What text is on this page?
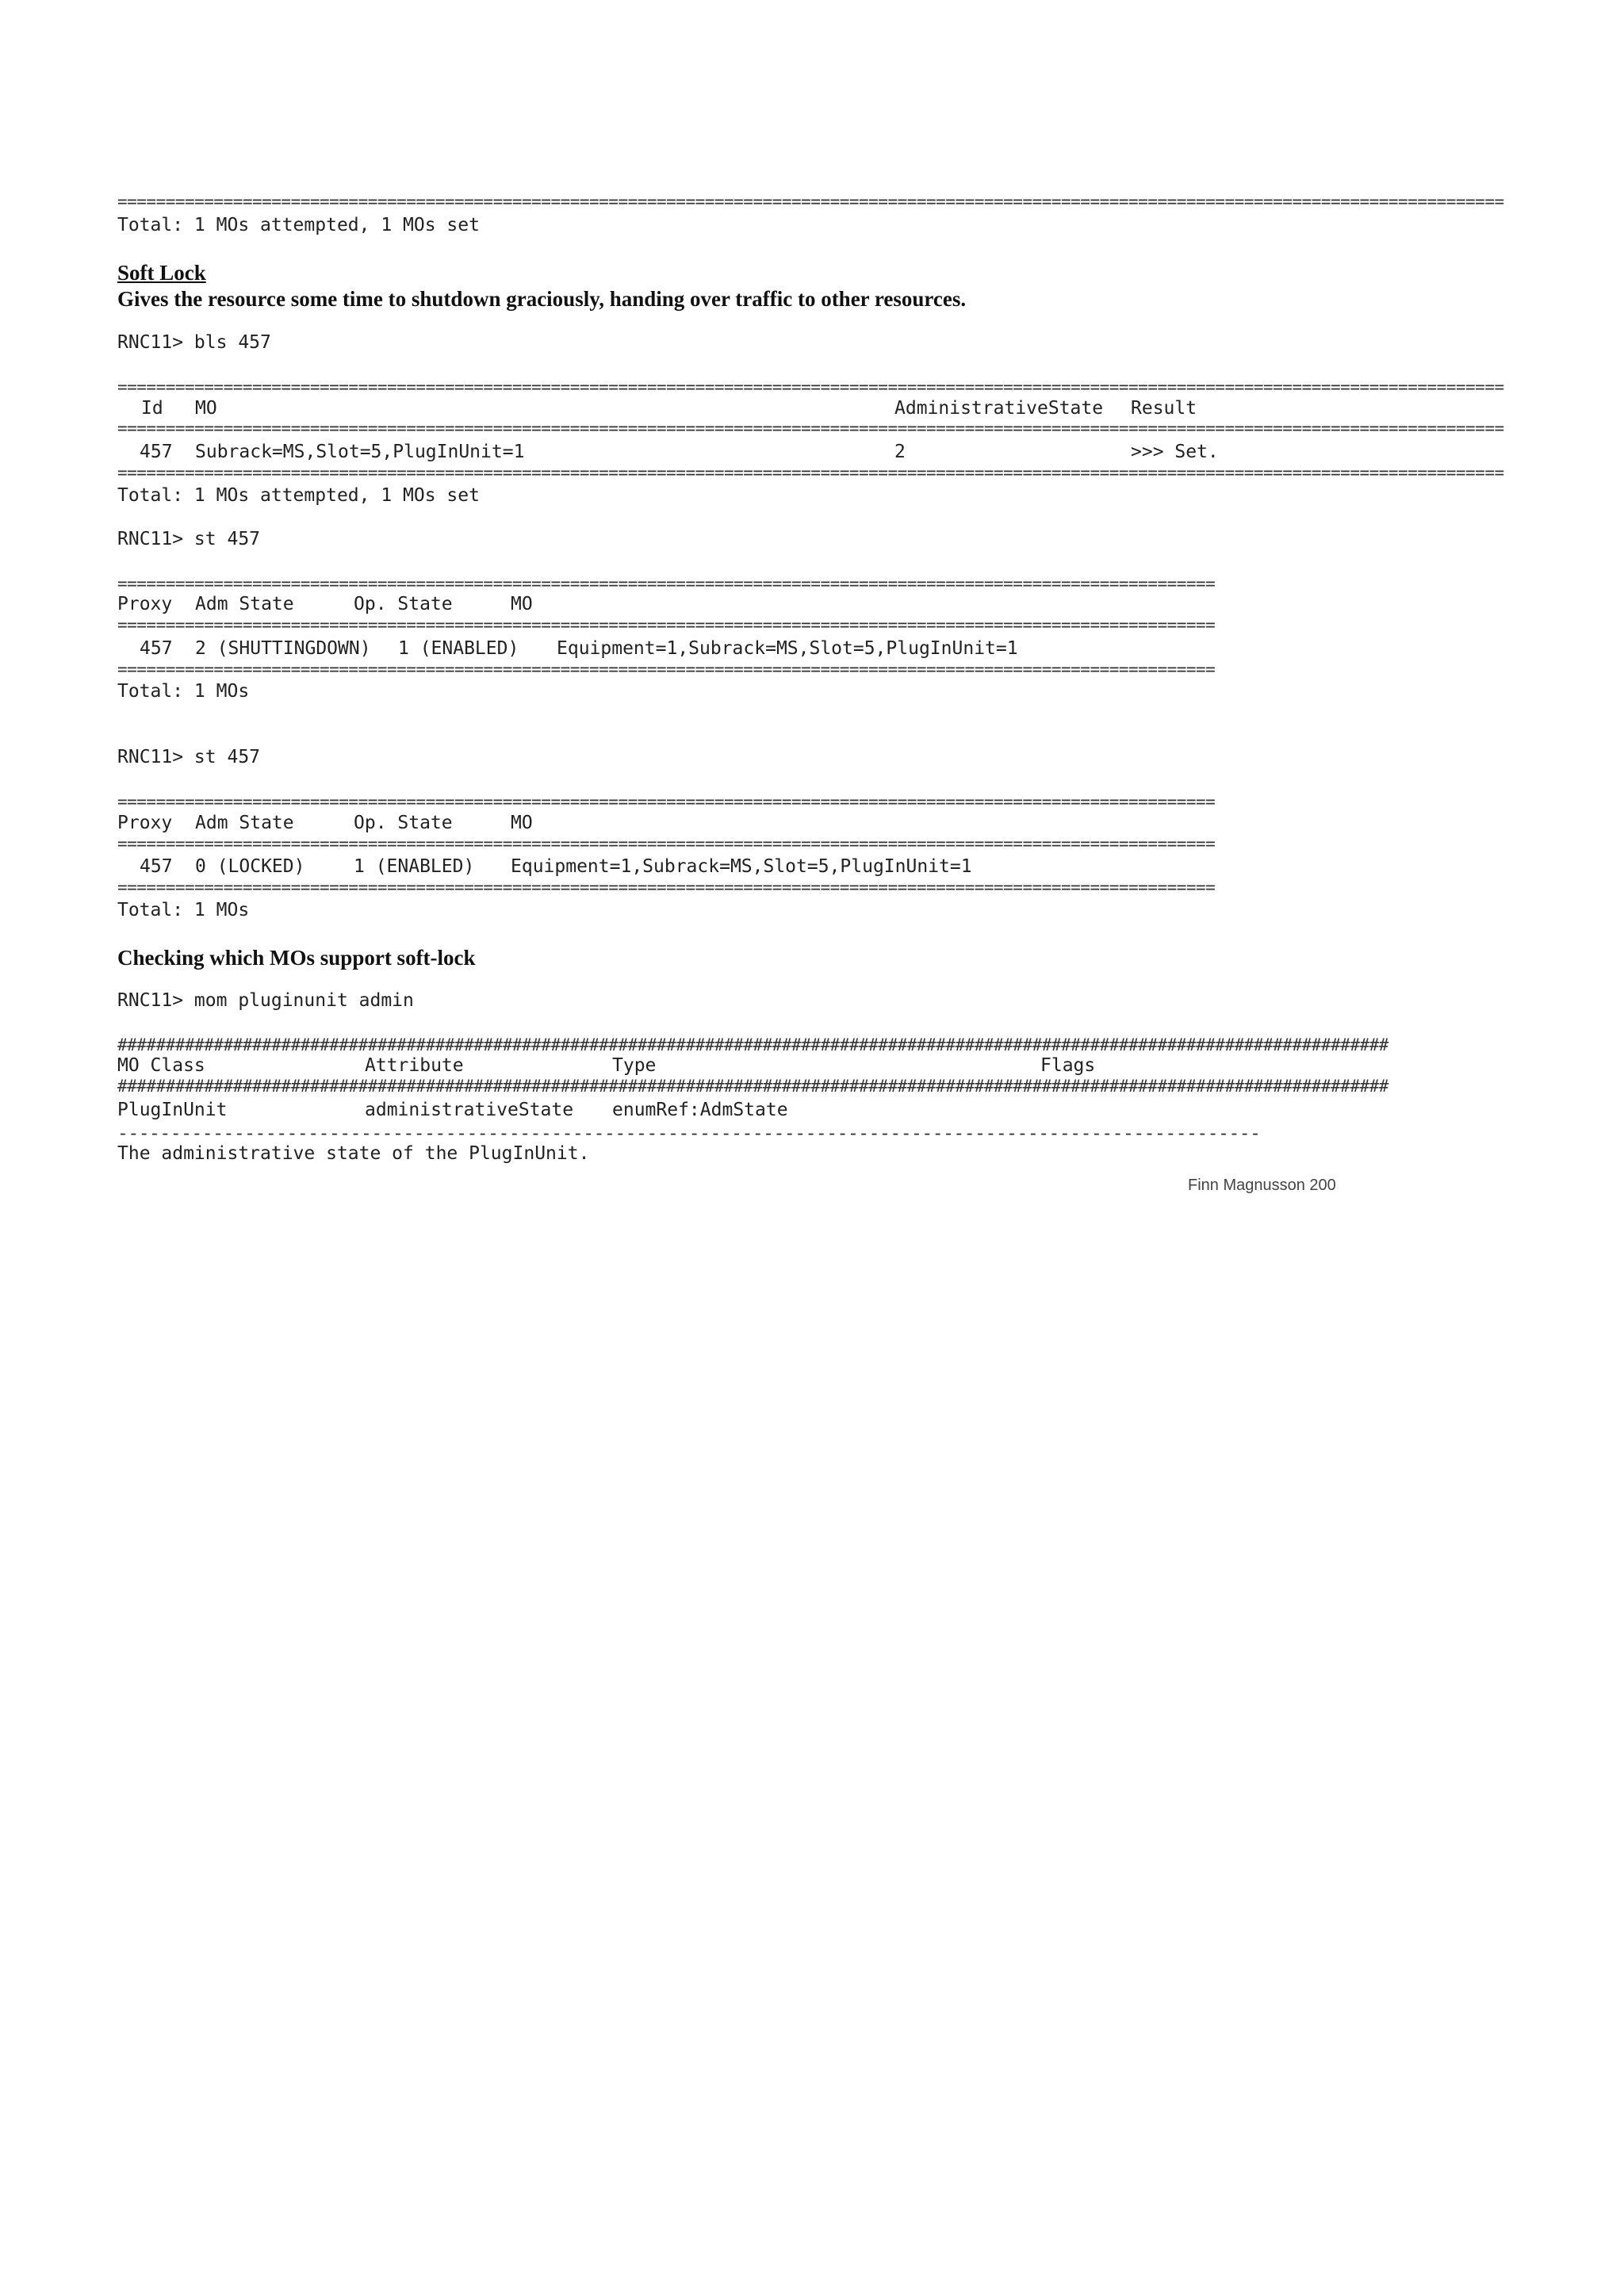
================================================================================================================================================
Total: 1 MOs attempted, 1 MOs set
Soft Lock
Gives the resource some time to shutdown graciously, handing over traffic to other resources.
RNC11> bls 457
================================================================================================================================================
Id MO	AdministrativeState Result
================================================================================================================================================
457 Subrack=MS,Slot=5,PlugInUnit=1	2	>>> Set.
================================================================================================================================================
Total: 1 MOs attempted, 1 MOs set
RNC11> st 457
==================================================================================================================
Proxy Adm State	Op. State	MO
==================================================================================================================
457 2 (SHUTTINGDOWN) 1 (ENABLED) Equipment=1,Subrack=MS,Slot=5,PlugInUnit=1
==================================================================================================================
Total: 1 MOs
RNC11> st 457
==================================================================================================================
Proxy Adm State	Op. State	MO
==================================================================================================================
457 0 (LOCKED)	1 (ENABLED) Equipment=1,Subrack=MS,Slot=5,PlugInUnit=1
==================================================================================================================
Total: 1 MOs
Checking which MOs support soft-lock
RNC11> mom pluginunit admin
####################################################################################################################################
MO Class	Attribute	Type	Flags
####################################################################################################################################
PlugInUnit	administrativeState enumRef:AdmState
------------------------------------------------------------------------------------------------------------
The administrative state of the PlugInUnit.
Finn Magnusson 200
